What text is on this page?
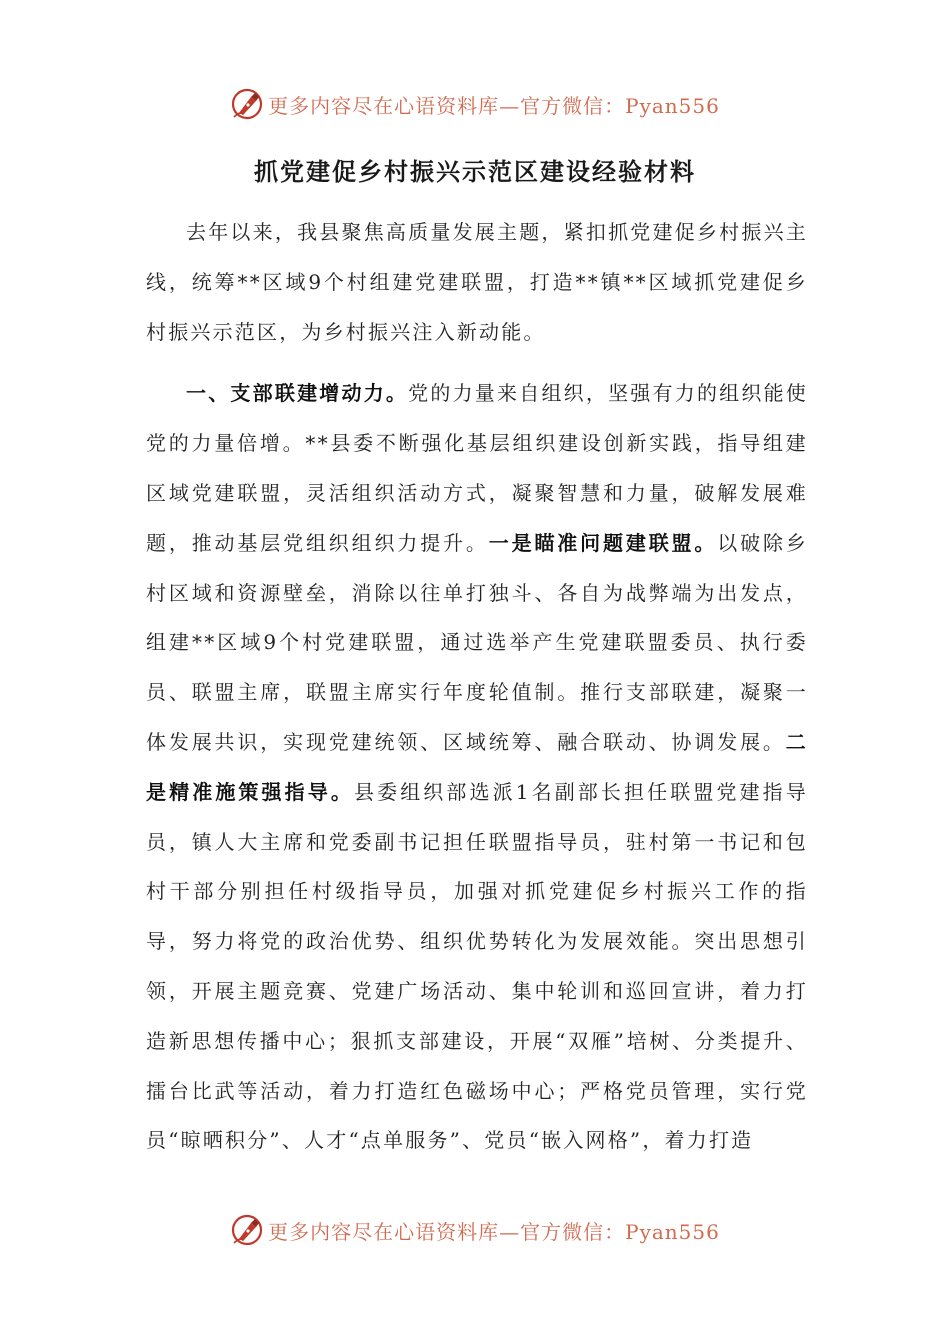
更多内容尽在心语资料库—官方微信：Pyan556
抓党建促乡村振兴示范区建设经验材料

去年以来，我县聚焦高质量发展主题，紧扣抓党建促乡村振兴主线，统筹**区域9个村组建党建联盟，打造**镇**区域抓党建促乡村振兴示范区，为乡村振兴注入新动能。

一、支部联建增动力。党的力量来自组织，坚强有力的组织能使党的力量倍增。**县委不断强化基层组织建设创新实践，指导组建区域党建联盟，灵活组织活动方式，凝聚智慧和力量，破解发展难题，推动基层党组织组织力提升。一是瞄准问题建联盟。以破除乡村区域和资源壁垒，消除以往单打独斗、各自为战弊端为出发点，组建**区域9个村党建联盟，通过选举产生党建联盟委员、执行委员、联盟主席，联盟主席实行年度轮值制。推行支部联建，凝聚一体发展共识，实现党建统领、区域统筹、融合联动、协调发展。二是精准施策强指导。县委组织部选派1名副部长担任联盟党建指导员，镇人大主席和党委副书记担任联盟指导员，驻村第一书记和包村干部分别担任村级指导员，加强对抓党建促乡村振兴工作的指导，努力将党的政治优势、组织优势转化为发展效能。突出思想引领，开展主题竞赛、党建广场活动、集中轮训和巡回宣讲，着力打造新思想传播中心；狠抓支部建设，开展“双雁”培树、分类提升、擂台比武等活动，着力打造红色磁场中心；严格党员管理，实行党员“晾晒积分”、人才“点单服务”、党员“嵌入网格”，着力打造

更多内容尽在心语资料库—官方微信：Pyan556
